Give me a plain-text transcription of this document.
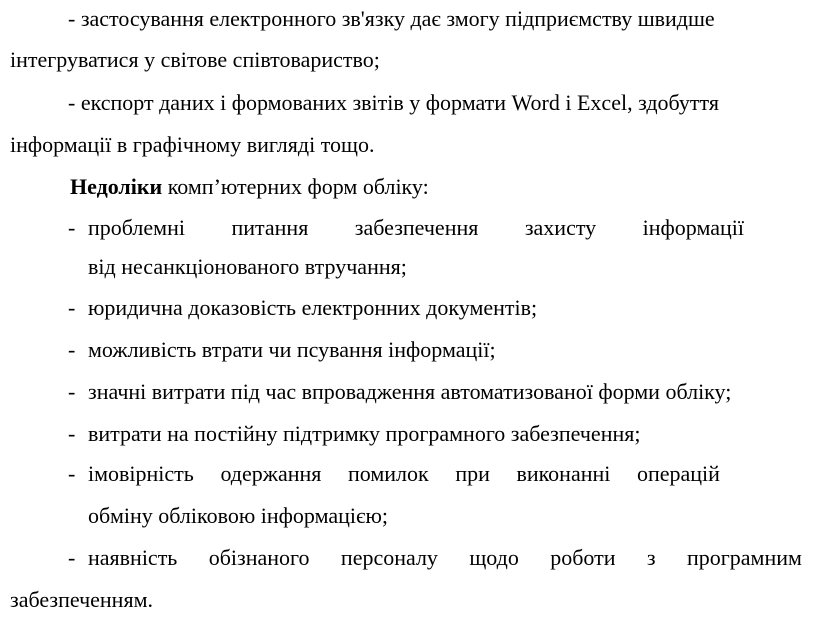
- застосування електронного зв'язку дає змогу підприємству швидше
інтегруватися у світове співтовариство;
- експорт даних і формованих звітів у формати Word і Excel, здобуття
інформації в графічному вигляді тощо.
Недоліки комп’ютерних форм обліку:
- проблемні питання забезпечення захисту інформації
від несанкціонованого втручання;
- юридична доказовість електронних документів;
- можливість втрати чи псування інформації;
- значні витрати під час впровадження автоматизованої форми обліку;
- витрати на постійну підтримку програмного забезпечення;
- імовірність одержання помилок при виконанні операцій
обміну обліковою інформацією;
- наявність обізнаного персоналу щодо роботи з програмним
забезпеченням.
